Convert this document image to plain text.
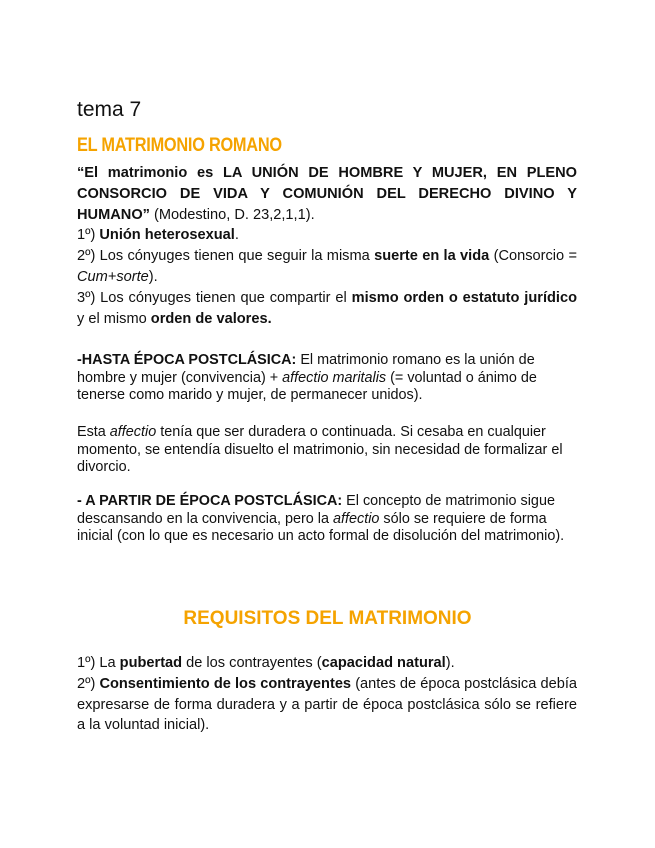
tema 7
EL MATRIMONIO ROMANO
“El matrimonio es LA UNIÓN DE HOMBRE Y MUJER, EN PLENO CONSORCIO DE VIDA Y COMUNIÓN DEL DERECHO DIVINO Y HUMANO” (Modestino, D. 23,2,1,1).
1º) Unión heterosexual.
2º) Los cónyuges tienen que seguir la misma suerte en la vida (Consorcio = Cum+sorte).
3º) Los cónyuges tienen que compartir el mismo orden o estatuto jurídico y el mismo orden de valores.

-HASTA ÉPOCA POSTCLÁSICA: El matrimonio romano es la unión de hombre y mujer (convivencia) + affectio maritalis (= voluntad o ánimo de tenerse como marido y mujer, de permanecer unidos).

Esta affectio tenía que ser duradera o continuada. Si cesaba en cualquier momento, se entendía disuelto el matrimonio, sin necesidad de formalizar el divorcio.

- A PARTIR DE ÉPOCA POSTCLÁSICA: El concepto de matrimonio sigue descansando en la convivencia, pero la affectio sólo se requiere de forma inicial (con lo que es necesario un acto formal de disolución del matrimonio).

REQUISITOS DEL MATRIMONIO
1º) La pubertad de los contrayentes (capacidad natural).
2º) Consentimiento de los contrayentes (antes de época postclásica debía expresarse de forma duradera y a partir de época postclásica sólo se refiere a la voluntad inicial).
